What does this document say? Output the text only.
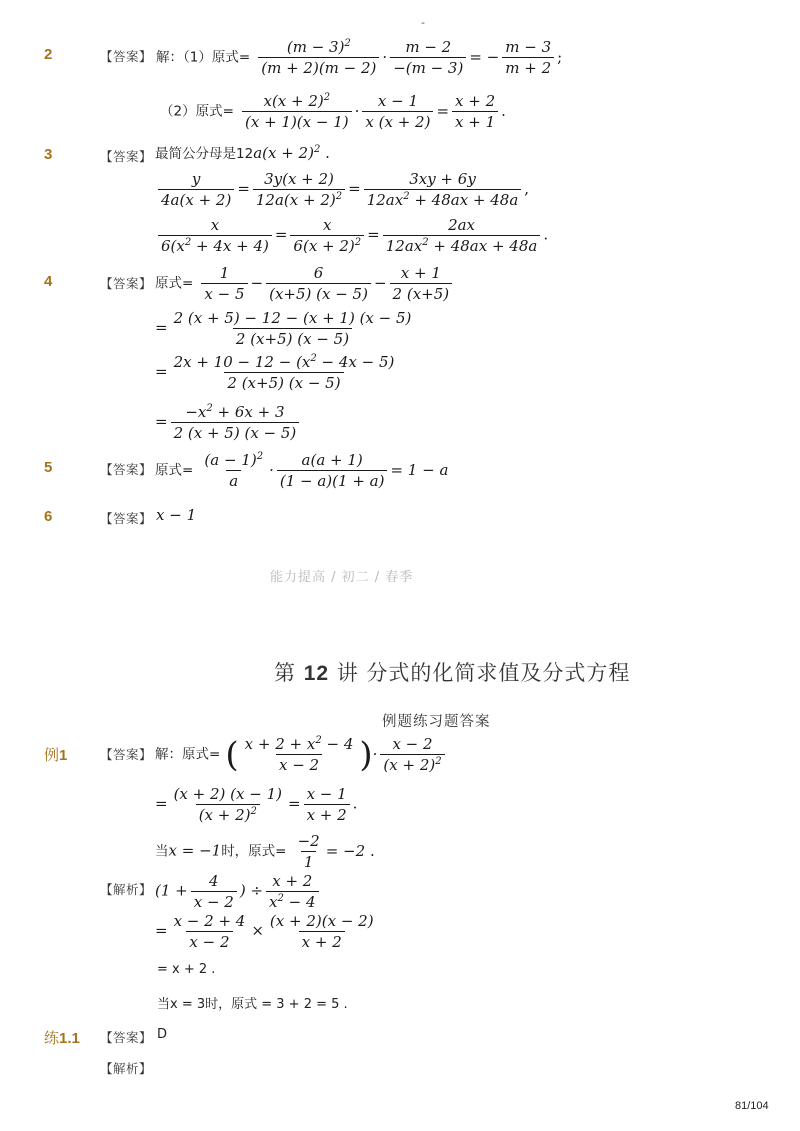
-
2	【答案】 解：（1）原式= $\frac{(m - 3)^2}{(m + 2)(m - 2)} \cdot \frac{m - 2}{-(m - 3)}$ = − $\frac{m - 3}{m + 2}$ ;
（2）原式= $\frac{x(x + 2)^2}{(x + 1)(x - 1)} \cdot \frac{x - 1}{x (x + 2)} = \frac{x + 2}{x + 1}$ .
3	【答案】 最简公分母是$12a(x + 2)^2$ .
$\frac{y}{4a(x + 2)} = \frac{3y(x + 2)}{12a(x + 2)^2} = \frac{3xy + 6y}{12ax^2 + 48ax + 48a}$ ,
$\frac{x}{6(x^2 + 4x + 4)} = \frac{x}{6(x + 2)^2} = \frac{2ax}{12ax^2 + 48ax + 48a}$ .
4	【答案】 原式= $\frac{1}{x - 5} - \frac{6}{(x+5) (x - 5)} - \frac{x + 1}{2 (x+5)}$
= $\frac{2 (x + 5) - 12 - (x + 1) (x - 5)}{2 (x+5) (x - 5)}$
= $\frac{2x + 10 - 12 - (x^2 - 4x - 5)}{2 (x+5) (x - 5)}$
= $\frac{-x^2 + 6x + 3}{2 (x + 5) (x - 5)}$
5	【答案】 原式= $\frac{(a - 1)^2}{a} \cdot \frac{a(a + 1)}{(1 - a)(1 + a)} = 1 - a$
6	【答案】 x − 1
能力提高 / 初二 / 春季
第 12 讲 分式的化简求值及分式方程
例题练习题答案
例1	【答案】 解：原式= ( $\frac{x + 2 + x^2 - 4}{x - 2}$ )· $\frac{x - 2}{(x + 2)^2}$
= $\frac{(x + 2) (x - 1)}{(x + 2)^2} = \frac{x - 1}{x + 2}$ .
当x = −1时，原式= $\frac{-2}{1} = -2$ .
【解析】 ($1 + \frac{4}{x - 2}$ ) ÷ $\frac{x + 2}{x^2 - 4}$
= $\frac{x - 2 + 4}{x - 2} \times \frac{(x + 2)(x - 2)}{x + 2}$
= x + 2 .
当x = 3时，原式 = 3 + 2 = 5 .
练1.1 【答案】 D
【解析】
81/104
